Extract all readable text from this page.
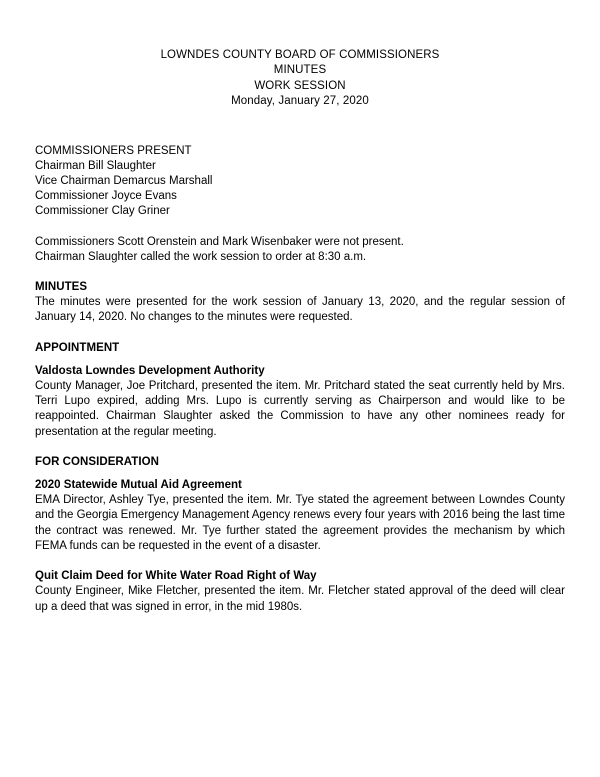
LOWNDES COUNTY BOARD OF COMMISSIONERS
MINUTES
WORK SESSION
Monday, January 27, 2020
COMMISSIONERS PRESENT
Chairman Bill Slaughter
Vice Chairman Demarcus Marshall
Commissioner Joyce Evans
Commissioner Clay Griner
Commissioners Scott Orenstein and Mark Wisenbaker were not present.
Chairman Slaughter called the work session to order at 8:30 a.m.
MINUTES
The minutes were presented for the work session of January 13, 2020, and the regular session of January 14, 2020. No changes to the minutes were requested.
APPOINTMENT
Valdosta Lowndes Development Authority
County Manager, Joe Pritchard, presented the item. Mr. Pritchard stated the seat currently held by Mrs. Terri Lupo expired, adding Mrs. Lupo is currently serving as Chairperson and would like to be reappointed. Chairman Slaughter asked the Commission to have any other nominees ready for presentation at the regular meeting.
FOR CONSIDERATION
2020 Statewide Mutual Aid Agreement
EMA Director, Ashley Tye, presented the item. Mr. Tye stated the agreement between Lowndes County and the Georgia Emergency Management Agency renews every four years with 2016 being the last time the contract was renewed. Mr. Tye further stated the agreement provides the mechanism by which FEMA funds can be requested in the event of a disaster.
Quit Claim Deed for White Water Road Right of Way
County Engineer, Mike Fletcher, presented the item. Mr. Fletcher stated approval of the deed will clear up a deed that was signed in error, in the mid 1980s.
